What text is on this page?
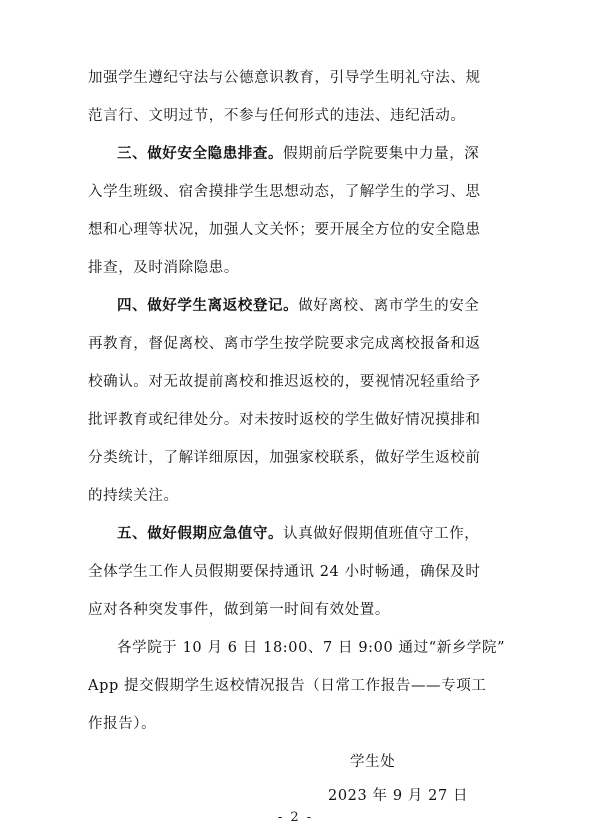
加强学生遵纪守法与公德意识教育，引导学生明礼守法、规
范言行、文明过节，不参与任何形式的违法、违纪活动。
三、做好安全隐患排查。假期前后学院要集中力量，深
入学生班级、宿舍摸排学生思想动态，了解学生的学习、思
想和心理等状况，加强人文关怀；要开展全方位的安全隐患
排查，及时消除隐患。
四、做好学生离返校登记。做好离校、离市学生的安全
再教育，督促离校、离市学生按学院要求完成离校报备和返
校确认。对无故提前离校和推迟返校的，要视情况轻重给予
批评教育或纪律处分。对未按时返校的学生做好情况摸排和
分类统计，了解详细原因，加强家校联系，做好学生返校前
的持续关注。
五、做好假期应急值守。认真做好假期值班值守工作，
全体学生工作人员假期要保持通讯 24 小时畅通，确保及时
应对各种突发事件，做到第一时间有效处置。
各学院于 10 月 6 日 18:00、7 日 9:00 通过“新乡学院”
App 提交假期学生返校情况报告（日常工作报告——专项工
作报告）。
学生处
2023 年 9 月 27 日
- 2 -
